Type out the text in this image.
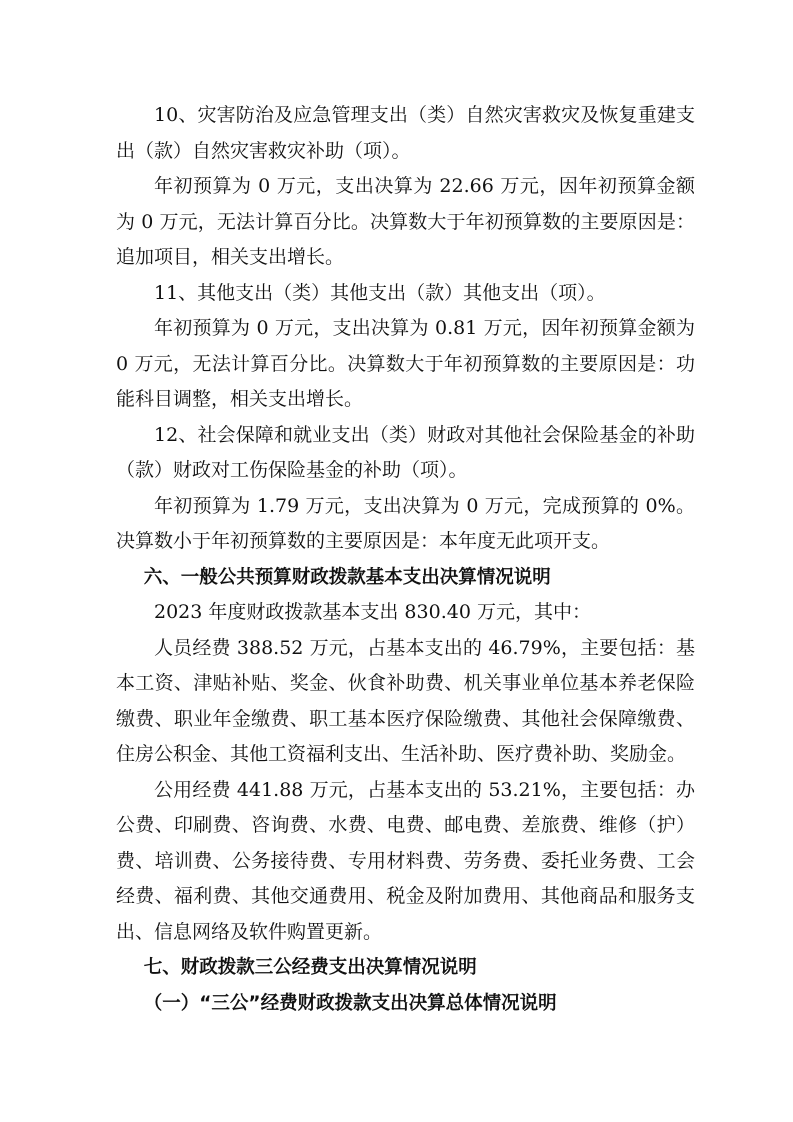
10、灾害防治及应急管理支出（类）自然灾害救灾及恢复重建支出（款）自然灾害救灾补助（项）。

年初预算为 0 万元，支出决算为 22.66 万元，因年初预算金额为 0 万元，无法计算百分比。决算数大于年初预算数的主要原因是：追加项目，相关支出增长。

11、其他支出（类）其他支出（款）其他支出（项）。

年初预算为 0 万元，支出决算为 0.81 万元，因年初预算金额为 0 万元，无法计算百分比。决算数大于年初预算数的主要原因是：功能科目调整，相关支出增长。

12、社会保障和就业支出（类）财政对其他社会保险基金的补助（款）财政对工伤保险基金的补助（项）。

年初预算为 1.79 万元，支出决算为 0 万元，完成预算的 0%。决算数小于年初预算数的主要原因是：本年度无此项开支。

六、一般公共预算财政拨款基本支出决算情况说明

2023 年度财政拨款基本支出 830.40 万元，其中：

人员经费 388.52 万元，占基本支出的 46.79%，主要包括：基本工资、津贴补贴、奖金、伙食补助费、机关事业单位基本养老保险缴费、职业年金缴费、职工基本医疗保险缴费、其他社会保障缴费、住房公积金、其他工资福利支出、生活补助、医疗费补助、奖励金。

公用经费 441.88 万元，占基本支出的 53.21%，主要包括：办公费、印刷费、咨询费、水费、电费、邮电费、差旅费、维修（护）费、培训费、公务接待费、专用材料费、劳务费、委托业务费、工会经费、福利费、其他交通费用、税金及附加费用、其他商品和服务支出、信息网络及软件购置更新。

七、财政拨款三公经费支出决算情况说明

（一）“三公”经费财政拨款支出决算总体情况说明
